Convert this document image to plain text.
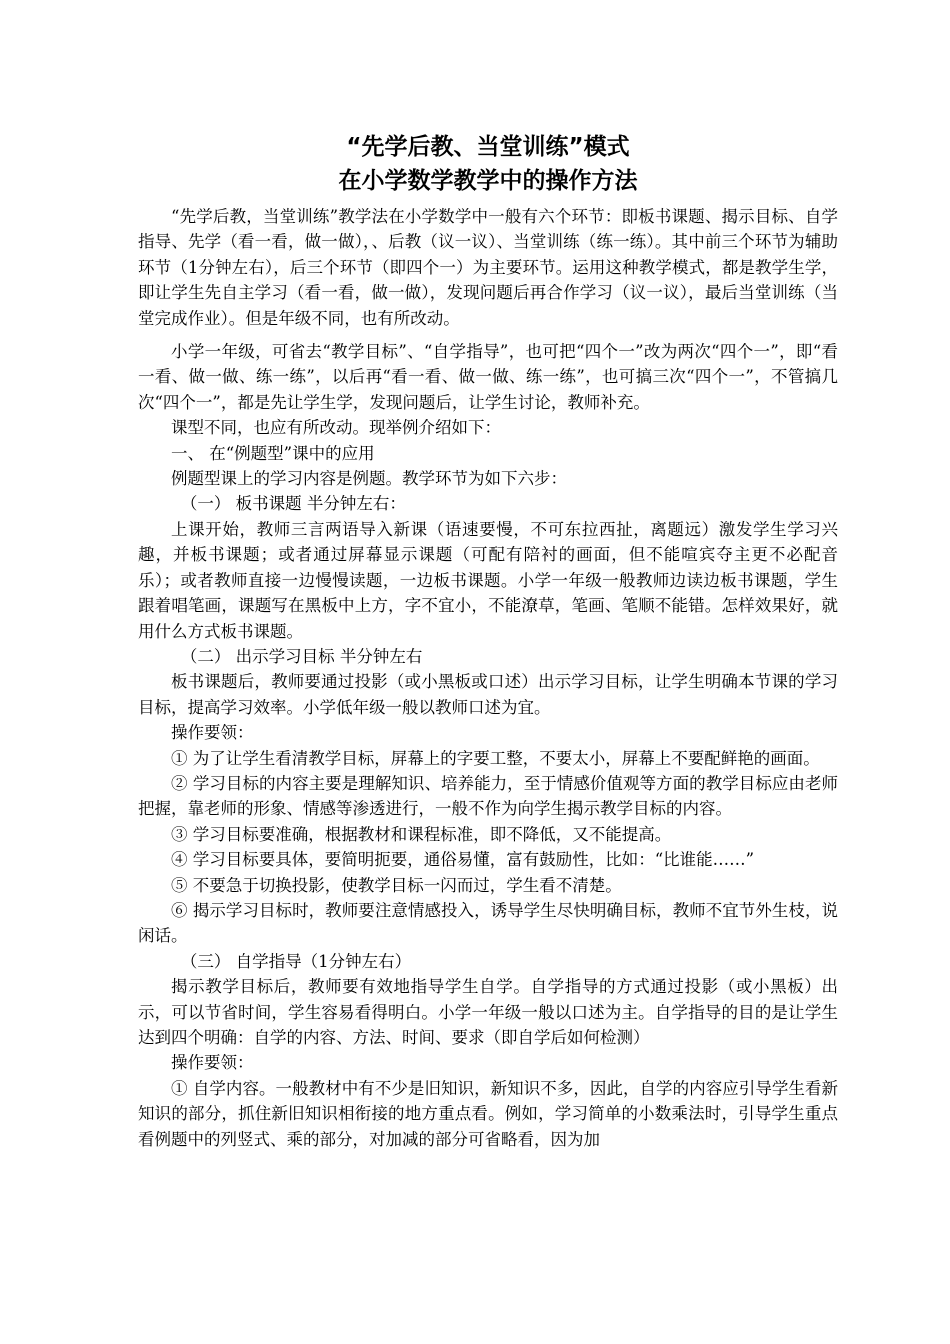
“先学后教、当堂训练”模式
在小学数学教学中的操作方法

“先学后教，当堂训练”教学法在小学数学中一般有六个环节：即板书课题、揭示目标、自学指导、先学（看一看，做一做），、后教（议一议）、当堂训练（练一练）。其中前三个环节为辅助环节（1分钟左右），后三个环节（即四个一）为主要环节。运用这种教学模式，都是教学生学，即让学生先自主学习（看一看，做一做），发现问题后再合作学习（议一议），最后当堂训练（当堂完成作业）。但是年级不同，也有所改动。

小学一年级，可省去“教学目标”、“自学指导”，也可把“四个一”改为两次“四个一”，即“看一看、做一做、练一练”，以后再“看一看、做一做、练一练”，也可搞三次“四个一”，不管搞几次“四个一”，都是先让学生学，发现问题后，让学生讨论，教师补充。

课型不同，也应有所改动。现举例介绍如下：

一、 在“例题型”课中的应用

例题型课上的学习内容是例题。教学环节为如下六步：

（一） 板书课题 半分钟左右：

上课开始，教师三言两语导入新课（语速要慢，不可东拉西扯，离题远）激发学生学习兴趣，并板书课题；或者通过屏幕显示课题（可配有陪衬的画面，但不能喧宾夺主更不必配音乐）；或者教师直接一边慢慢读题，一边板书课题。小学一年级一般教师边读边板书课题，学生跟着唱笔画，课题写在黑板中上方，字不宜小，不能潦草，笔画、笔顺不能错。怎样效果好，就用什么方式板书课题。

（二） 出示学习目标 半分钟左右

板书课题后，教师要通过投影（或小黑板或口述）出示学习目标，让学生明确本节课的学习目标，提高学习效率。小学低年级一般以教师口述为宜。

操作要领：

① 为了让学生看清教学目标，屏幕上的字要工整，不要太小，屏幕上不要配鲜艳的画面。

② 学习目标的内容主要是理解知识、培养能力，至于情感价值观等方面的教学目标应由老师把握，靠老师的形象、情感等渗透进行，一般不作为向学生揭示教学目标的内容。

③ 学习目标要准确，根据教材和课程标准，即不降低，又不能提高。

④ 学习目标要具体，要简明扼要，通俗易懂，富有鼓励性，比如：“比谁能……”

⑤ 不要急于切换投影，使教学目标一闪而过，学生看不清楚。

⑥ 揭示学习目标时，教师要注意情感投入，诱导学生尽快明确目标，教师不宜节外生枝，说闲话。

（三） 自学指导（1分钟左右）

揭示教学目标后，教师要有效地指导学生自学。自学指导的方式通过投影（或小黑板）出示，可以节省时间，学生容易看得明白。小学一年级一般以口述为主。自学指导的目的是让学生达到四个明确：自学的内容、方法、时间、要求（即自学后如何检测）

操作要领：

① 自学内容。一般教材中有不少是旧知识，新知识不多，因此，自学的内容应引导学生看新知识的部分，抓住新旧知识相衔接的地方重点看。例如，学习简单的小数乘法时，引导学生重点看例题中的列竖式、乘的部分，对加减的部分可省略看，因为加
